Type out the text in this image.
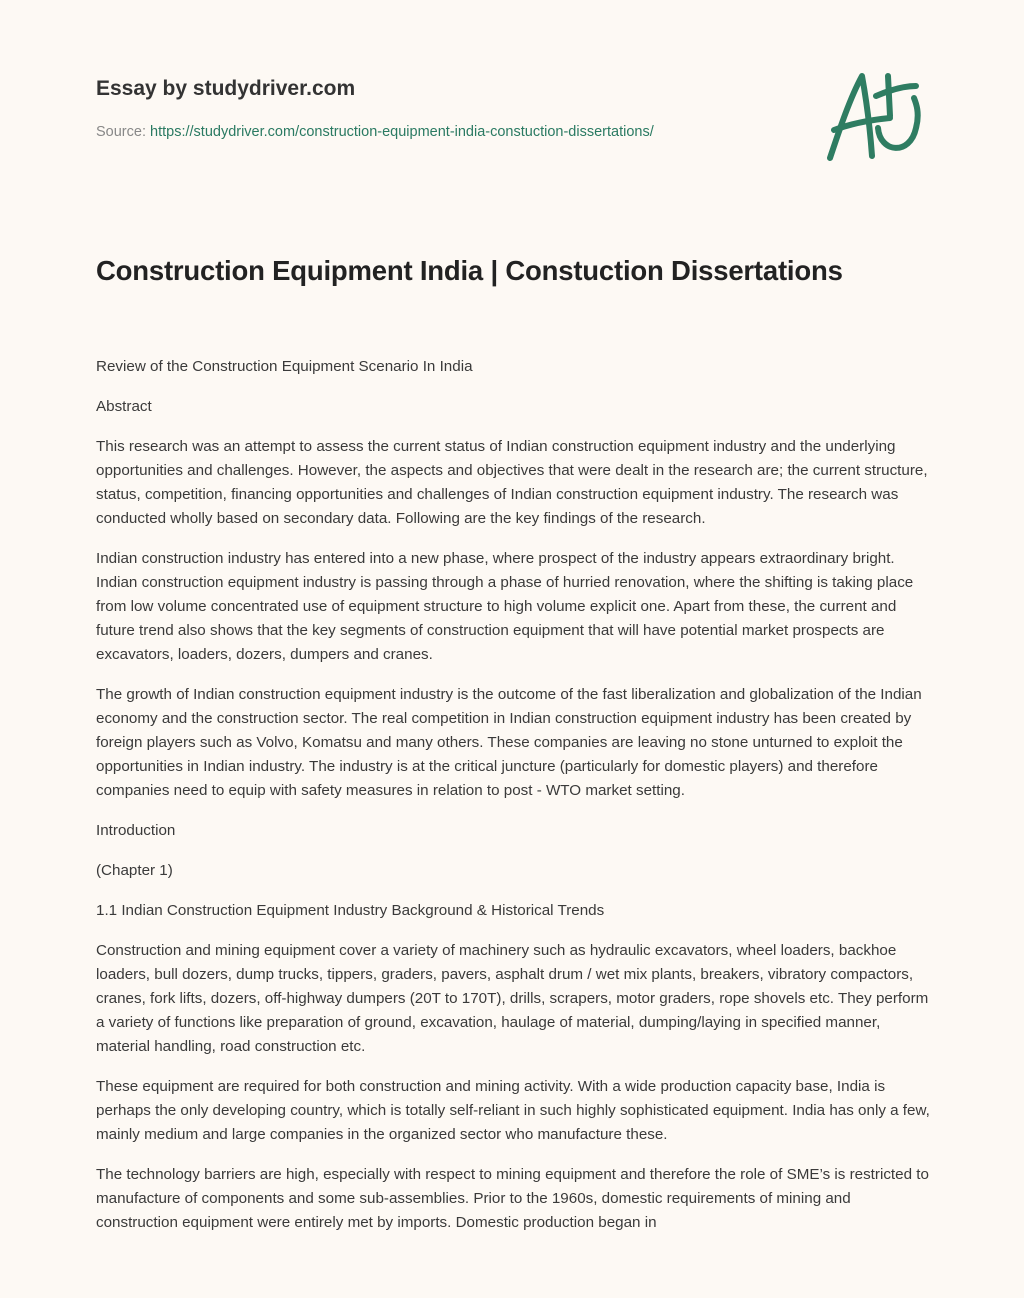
Essay by studydriver.com
Source: https://studydriver.com/construction-equipment-india-constuction-dissertations/
Construction Equipment India | Constuction Dissertations

Review of the Construction Equipment Scenario In India

Abstract

This research was an attempt to assess the current status of Indian construction equipment industry and the underlying opportunities and challenges. However, the aspects and objectives that were dealt in the research are; the current structure, status, competition, financing opportunities and challenges of Indian construction equipment industry. The research was conducted wholly based on secondary data. Following are the key findings of the research.

Indian construction industry has entered into a new phase, where prospect of the industry appears extraordinary bright. Indian construction equipment industry is passing through a phase of hurried renovation, where the shifting is taking place from low volume concentrated use of equipment structure to high volume explicit one. Apart from these, the current and future trend also shows that the key segments of construction equipment that will have potential market prospects are excavators, loaders, dozers, dumpers and cranes.

The growth of Indian construction equipment industry is the outcome of the fast liberalization and globalization of the Indian economy and the construction sector. The real competition in Indian construction equipment industry has been created by foreign players such as Volvo, Komatsu and many others. These companies are leaving no stone unturned to exploit the opportunities in Indian industry. The industry is at the critical juncture (particularly for domestic players) and therefore companies need to equip with safety measures in relation to post - WTO market setting.

Introduction

(Chapter 1)

1.1 Indian Construction Equipment Industry Background & Historical Trends

Construction and mining equipment cover a variety of machinery such as hydraulic excavators, wheel loaders, backhoe loaders, bull dozers, dump trucks, tippers, graders, pavers, asphalt drum / wet mix plants, breakers, vibratory compactors, cranes, fork lifts, dozers, off-highway dumpers (20T to 170T), drills, scrapers, motor graders, rope shovels etc. They perform a variety of functions like preparation of ground, excavation, haulage of material, dumping/laying in specified manner, material handling, road construction etc.

These equipment are required for both construction and mining activity. With a wide production capacity base, India is perhaps the only developing country, which is totally self-reliant in such highly sophisticated equipment. India has only a few, mainly medium and large companies in the organized sector who manufacture these.

The technology barriers are high, especially with respect to mining equipment and therefore the role of SME’s is restricted to manufacture of components and some sub-assemblies. Prior to the 1960s, domestic requirements of mining and construction equipment were entirely met by imports. Domestic production began in
